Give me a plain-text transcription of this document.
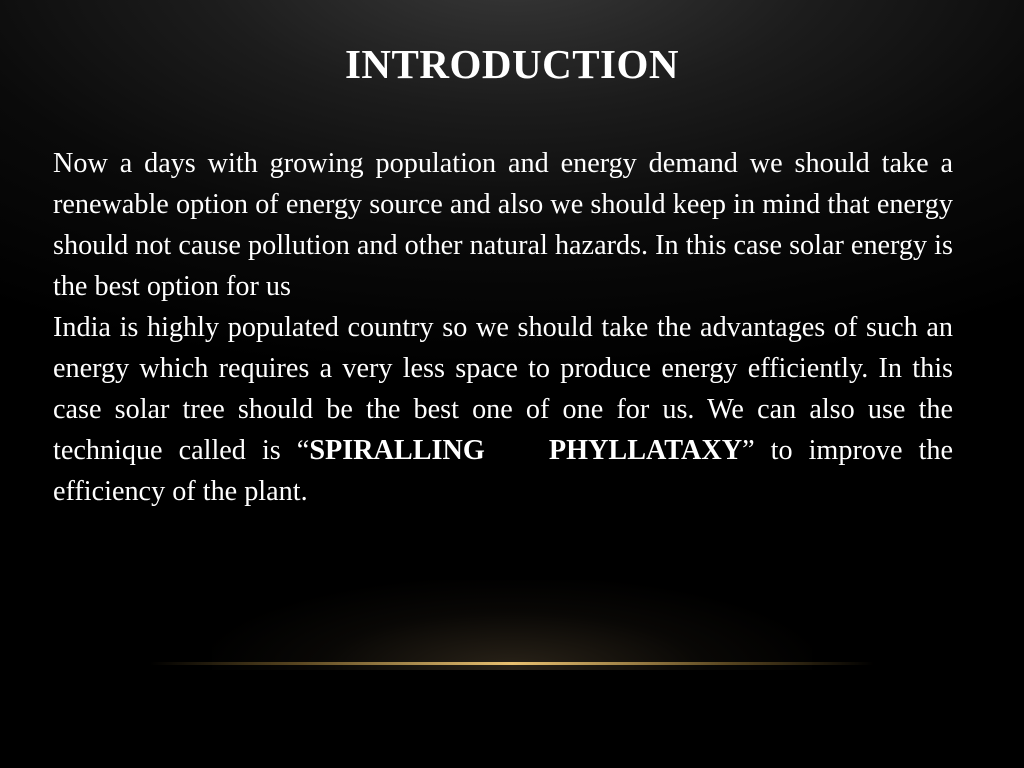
INTRODUCTION

Now a days with growing population and energy demand we should take a renewable option of energy source and also we should keep in mind that energy should not cause pollution and other natural hazards. In this case solar energy is the best option for us

India is highly populated country so we should take the advantages of such an energy which requires a very less space to produce energy efficiently. In this case solar tree should be the best one of one for us. We can also use the technique called is “SPIRALLING    PHYLLATAXY” to improve the efficiency of the plant.
